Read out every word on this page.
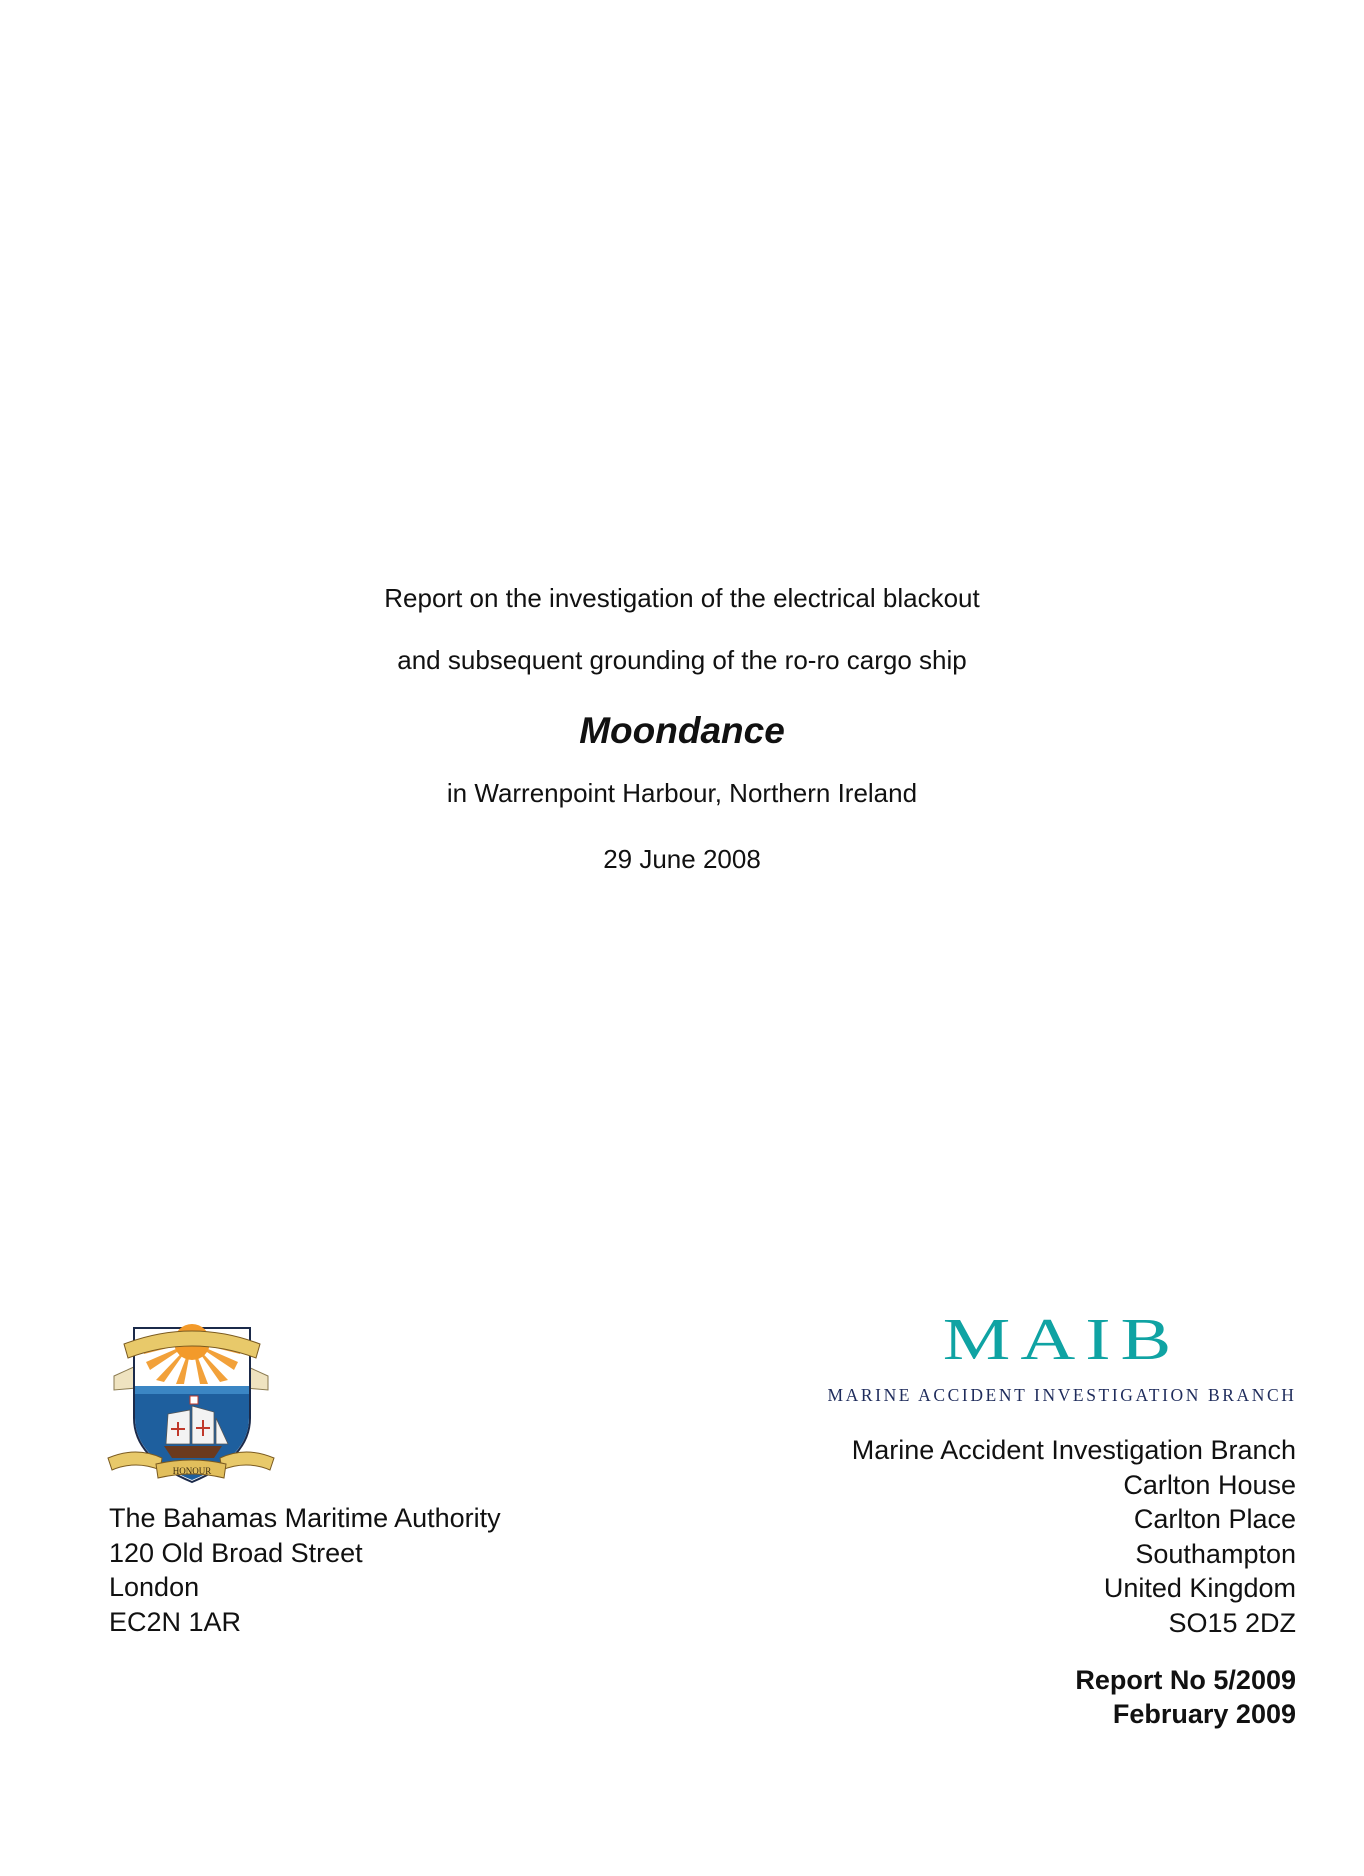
Report on the investigation of the electrical blackout
and subsequent grounding of the ro-ro cargo ship
Moondance
in Warrenpoint Harbour, Northern Ireland
29 June 2008
HONOUR
The Bahamas Maritime Authority
120 Old Broad Street
London
EC2N 1AR
MAIB
MARINE ACCIDENT INVESTIGATION BRANCH
Marine Accident Investigation Branch
Carlton House
Carlton Place
Southampton
United Kingdom
SO15 2DZ
Report No 5/2009
February 2009
